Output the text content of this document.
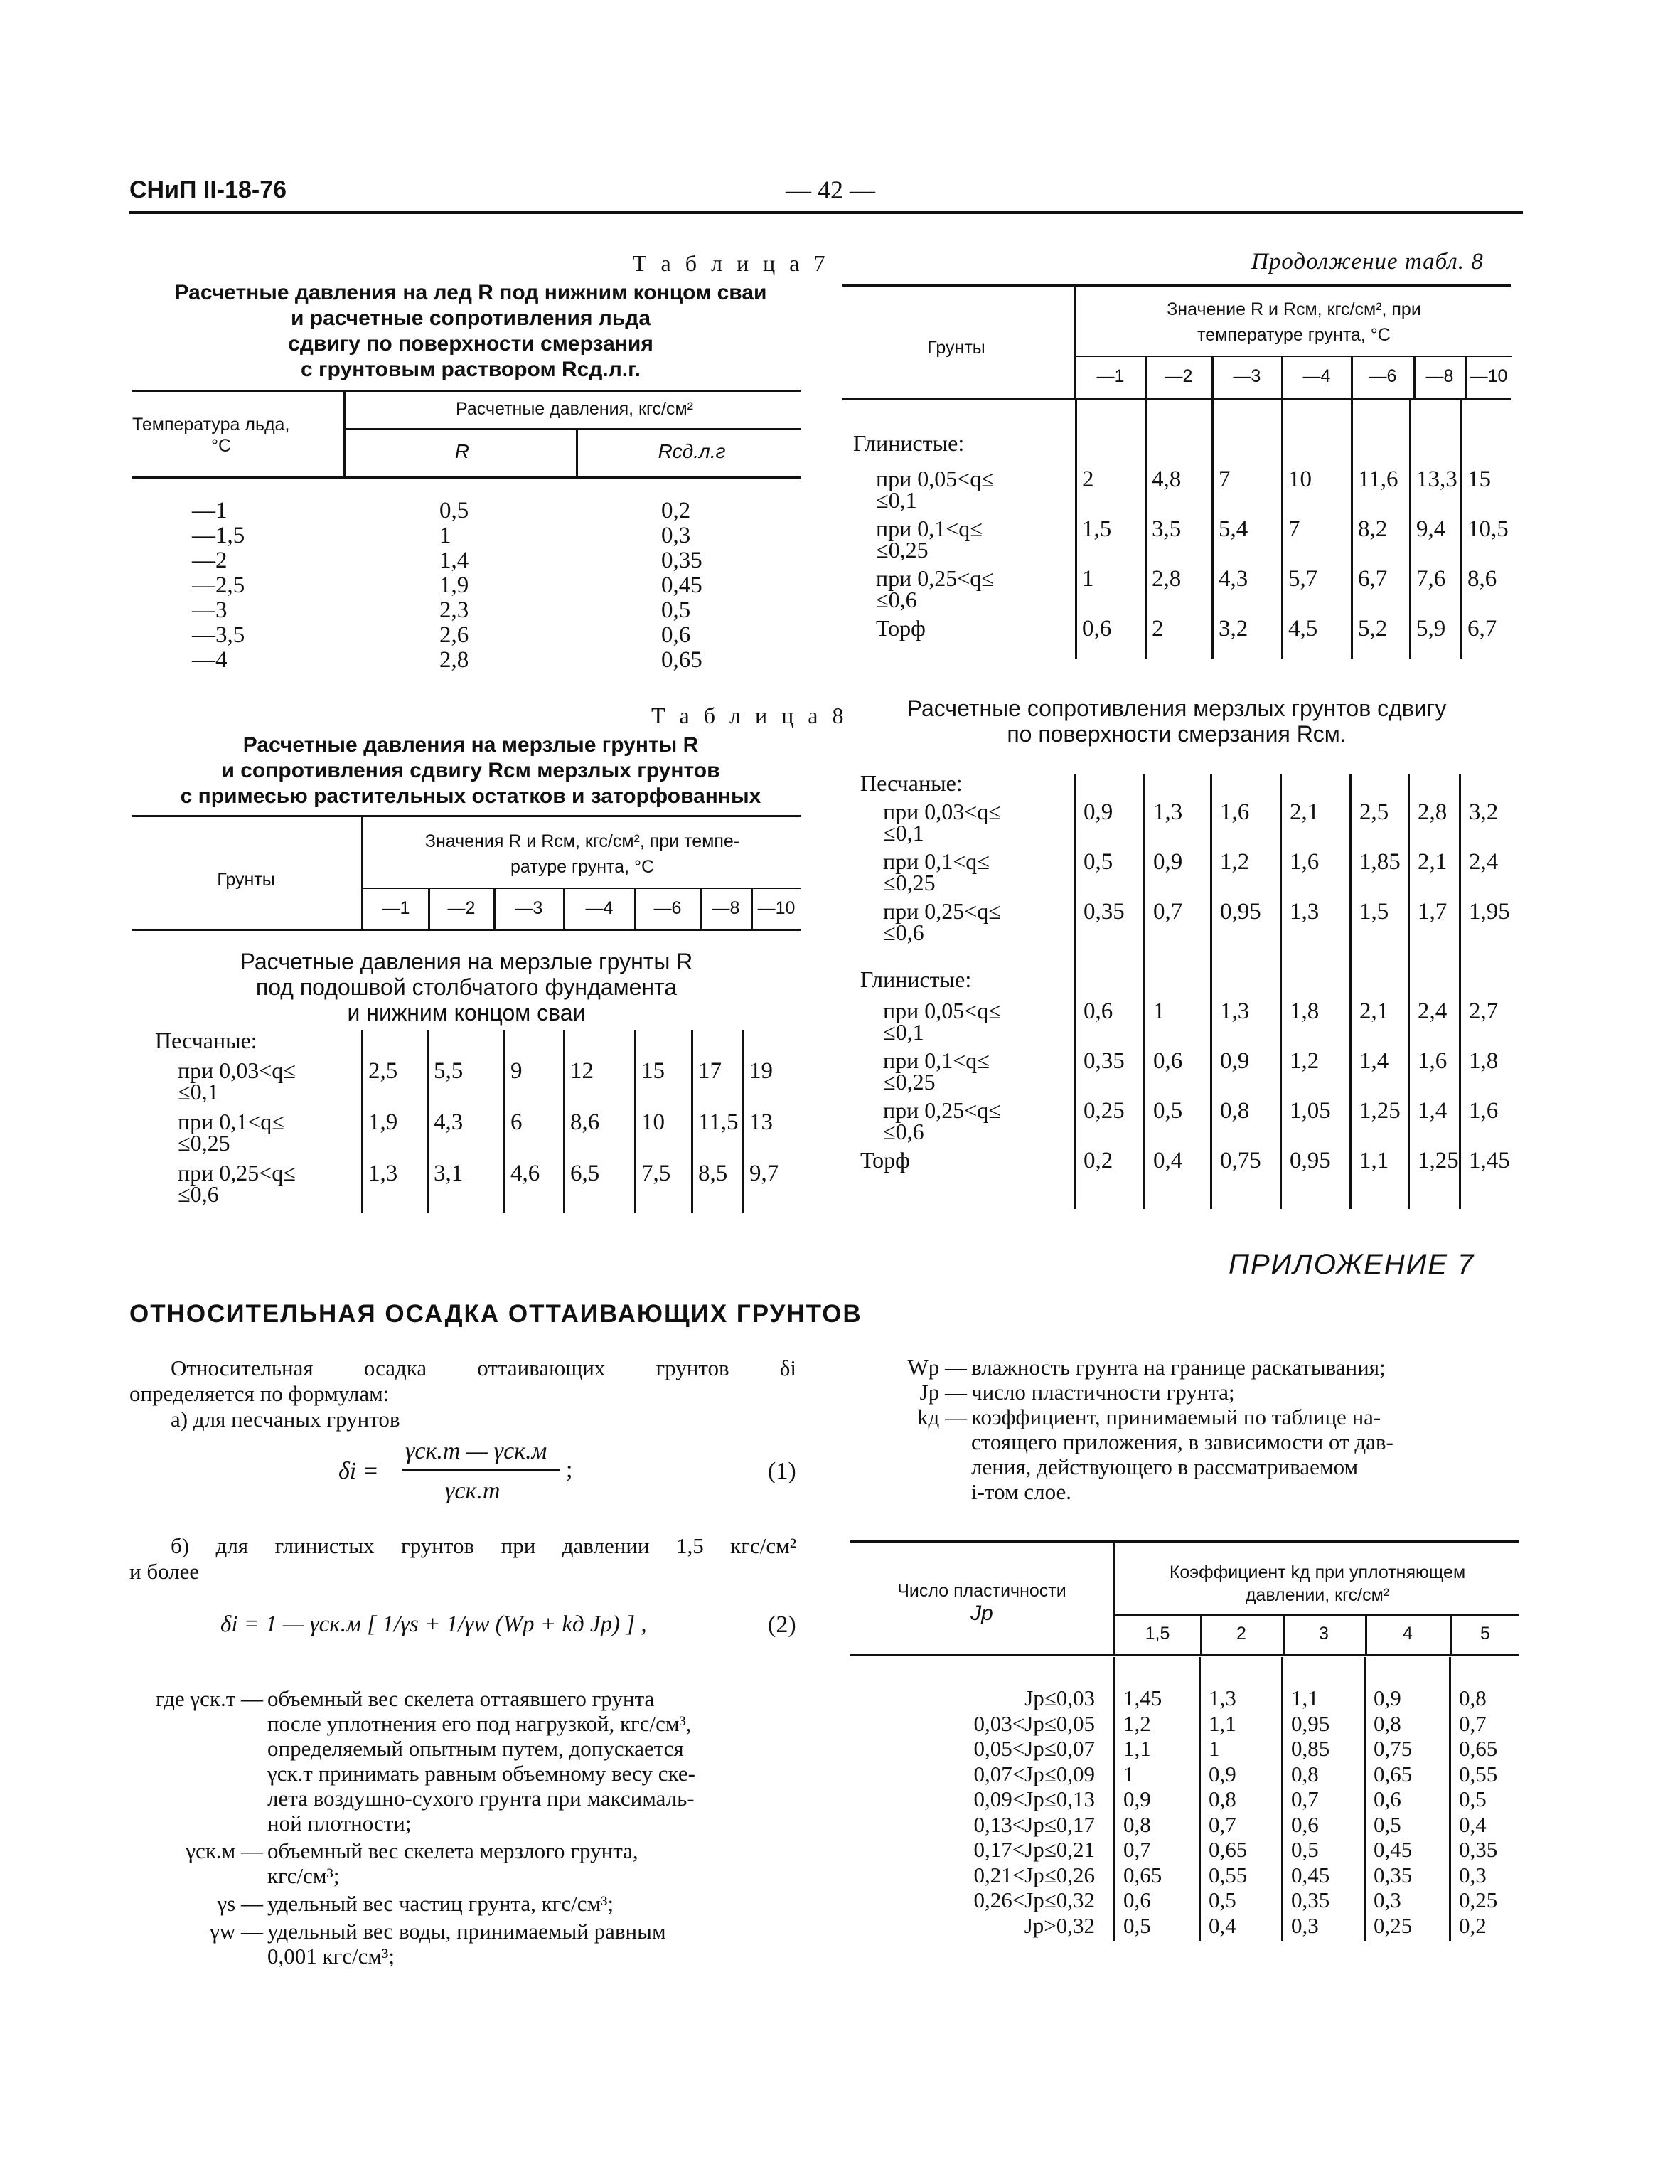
СНиП II-18-76	— 42 —
Т а б л и ц а 7
Расчетные давления на лед R под нижним концом сваи
и расчетные сопротивления льда
сдвигу по поверхности смерзания
с грунтовым раствором Rсд.л.г.
Температура льда,
°С
Расчетные давления, кгс/см²
R	Rсд.л.г
—1	0,5	0,2
—1,5	1	0,3
—2	1,4	0,35
—2,5	1,9	0,45
—3	2,3	0,5
—3,5	2,6	0,6
—4	2,8	0,65
Т а б л и ц а 8
Расчетные давления на мерзлые грунты R
и сопротивления сдвигу Rсм мерзлых грунтов
с примесью растительных остатков и заторфованных
Грунты
Значения R и Rсм, кгс/см², при темпе-
ратуре грунта, °С
—1	—2	—3	—4	—6	—8	—10
Расчетные давления на мерзлые грунты R
под подошвой столбчатого фундамента
и нижним концом сваи
Песчаные:
при 0,03<q≤
≤0,1
2,5 5,5 9 12 15 17 19
при 0,1<q≤
≤0,25
1,9 4,3 6 8,6 10 11,5 13
при 0,25<q≤
≤0,6
1,3 3,1 4,6 6,5 7,5 8,5 9,7
Продолжение табл. 8
Грунты
Значение R и Rсм, кгс/см², при
температуре грунта, °С
—1	—2	—3	—4	—6	—8 —10
Глинистые:
при 0,05<q≤
≤0,1
2 4,8 7 10 11,6 13,3 15
при 0,1<q≤
≤0,25
1,5 3,5 5,4 7 8,2 9,4 10,5
при 0,25<q≤
≤0,6
1 2,8 4,3 5,7 6,7 7,6 8,6
Торф	0,6 2 3,2 4,5 5,2 5,9 6,7
Расчетные сопротивления мерзлых грунтов сдвигу
по поверхности смерзания Rсм.
Песчаные:
Глинистые:
при 0,03<q≤
≤0,1
0,9 1,3 1,6 2,1 2,5 2,8 3,2
при 0,1<q≤
≤0,25
0,5 0,9 1,2 1,6 1,85 2,1 2,4
при 0,25<q≤
≤0,6
0,35 0,7 0,95 1,3 1,5 1,7 1,95
при 0,05<q≤
≤0,1
0,6 1 1,3 1,8 2,1 2,4 2,7
при 0,1<q≤
≤0,25
0,35 0,6 0,9 1,2 1,4 1,6 1,8
при 0,25<q≤
≤0,6
0,25 0,5 0,8 1,05 1,25 1,4 1,6
Торф	0,2 0,4 0,75 0,95 1,1 1,25 1,45
ПРИЛОЖЕНИЕ 7
ОТНОСИТЕЛЬНАЯ ОСАДКА ОТТАИВАЮЩИХ ГРУНТОВ
Относительная осадка оттаивающих грунтов δi
определяется по формулам:
а) для песчаных грунтов
δi =
γск.т — γск.м
γск.т
;	(1)
б) для глинистых грунтов при давлении 1,5 кгс/см²
и более
δi = 1 — γск.м [ 1/γs + 1/γw (Wp + kд Jp) ] ,	(2)
где γск.т — объемный вес скелета оттаявшего грунта
после уплотнения его под нагрузкой, кгс/см³,
определяемый опытным путем, допускается
γск.т принимать равным объемному весу ске-
лета воздушно-сухого грунта при максималь-
ной плотности;
γск.м — объемный вес скелета мерзлого грунта,
кгс/см³;
γs — удельный вес частиц грунта, кгс/см³;
γw — удельный вес воды, принимаемый равным
0,001 кгс/см³;
Wр — влажность грунта на границе раскатывания;
Jр — число пластичности грунта;
kд — коэффициент, принимаемый по таблице на-
стоящего приложения, в зависимости от дав-
ления, действующего в рассматриваемом
i-том слое.
Число пластичности
Jр
Коэффициент kд при уплотняющем
давлении, кгс/см²
1,5	2	3	4	5
Jр≤0,03 1,45 1,3 1,1 0,9	0,8
0,03<Jр≤0,05 1,2	1,1 0,95 0,8	0,7
0,05<Jр≤0,07 1,1	1	0,85 0,75 0,65
0,07<Jр≤0,09 1	0,9 0,8 0,65 0,55
0,09<Jр≤0,13 0,9	0,8 0,7 0,6	0,5
0,13<Jр≤0,17 0,8	0,7 0,6 0,5	0,4
0,17<Jр≤0,21 0,7	0,65 0,5 0,45 0,35
0,21<Jр≤0,26 0,65 0,55 0,45 0,35 0,3
0,26<Jр≤0,32 0,6	0,5 0,35 0,3	0,25
Jр>0,32 0,5	0,4 0,3 0,25 0,2
